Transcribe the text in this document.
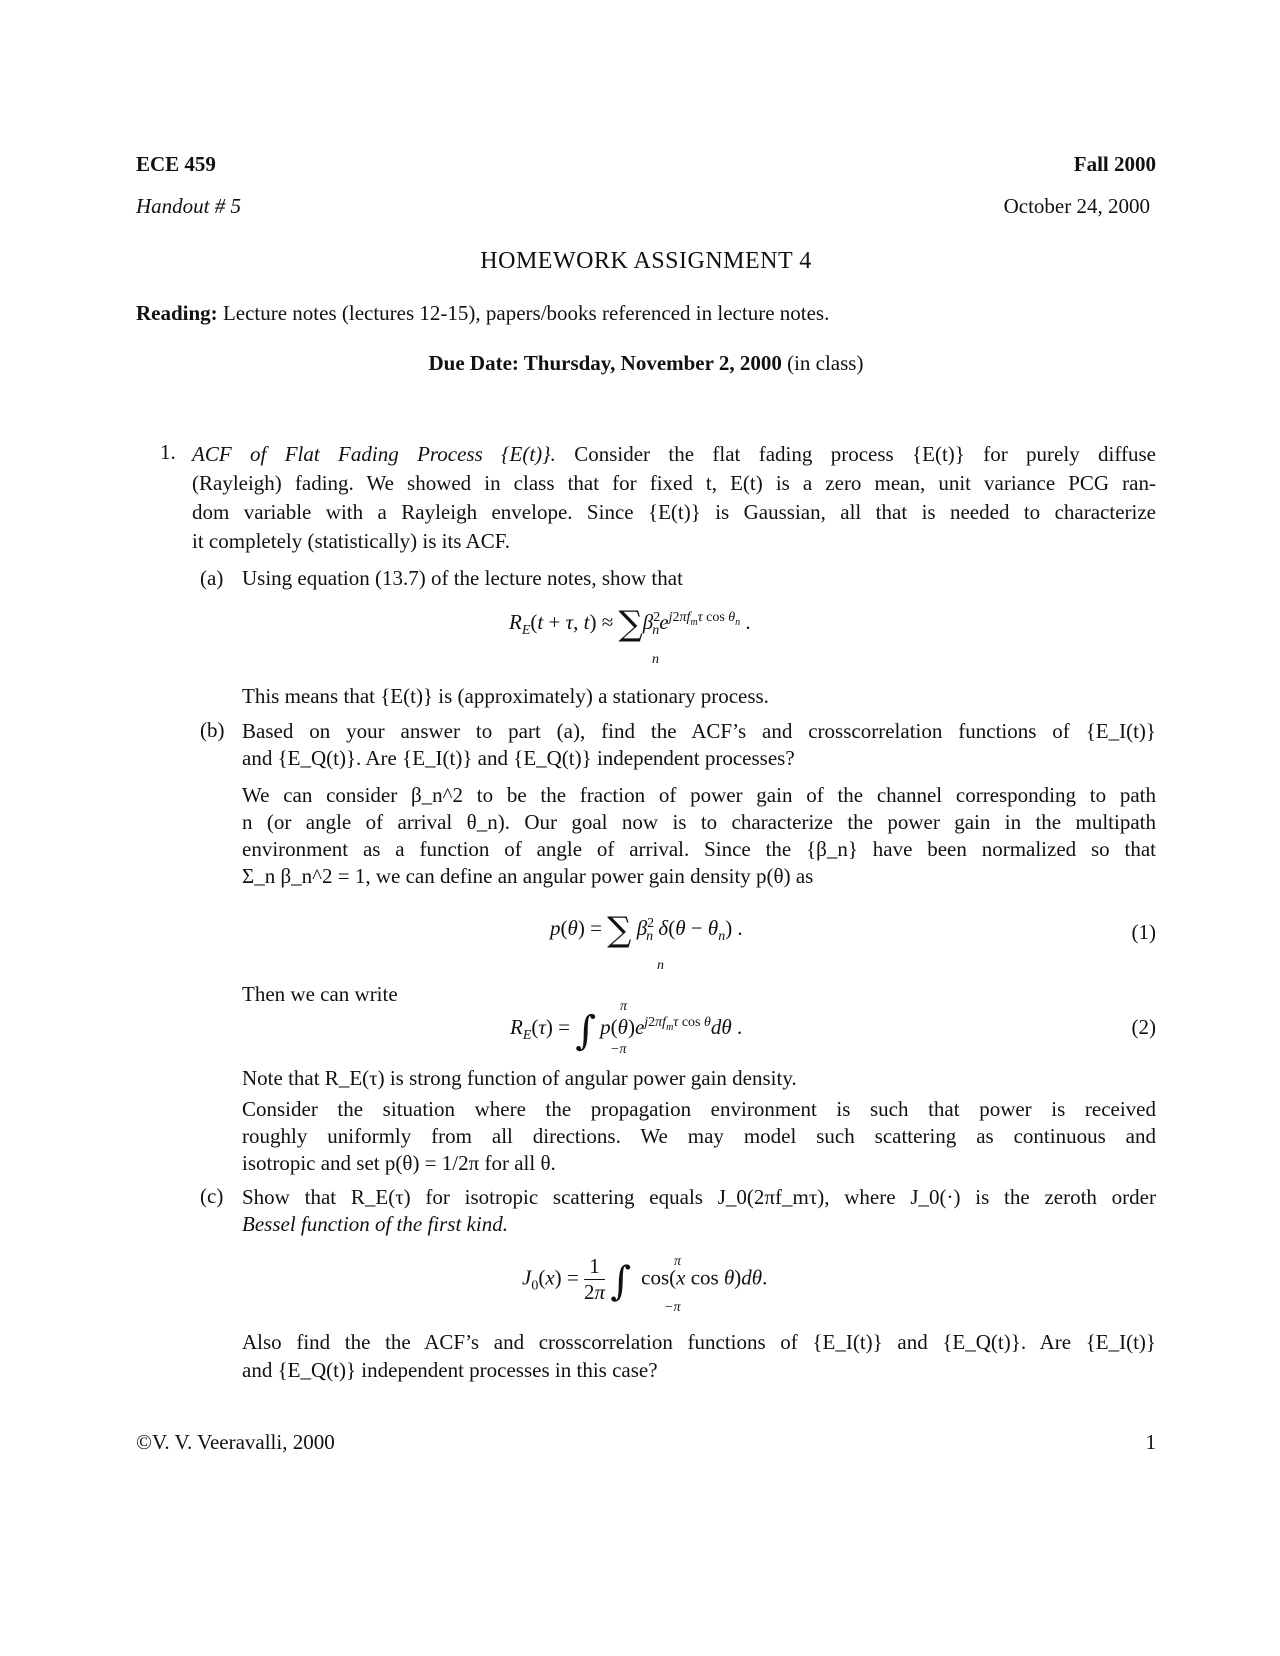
ECE 459	Fall 2000
Handout # 5	October 24, 2000
HOMEWORK ASSIGNMENT 4
Reading: Lecture notes (lectures 12-15), papers/books referenced in lecture notes.
Due Date: Thursday, November 2, 2000 (in class)
1. ACF of Flat Fading Process {E(t)}. Consider the flat fading process {E(t)} for purely diffuse
(Rayleigh) fading. We showed in class that for fixed t, E(t) is a zero mean, unit variance PCG ran-
dom variable with a Rayleigh envelope. Since {E(t)} is Gaussian, all that is needed to characterize
it completely (statistically) is its ACF.
(a) Using equation (13.7) of the lecture notes, show that
$R_E(t + \tau$, $t) \approx \sum\beta^2_ne^{j2\pi f_m\tau cos \theta_n}$ .
n
This means that {E(t)} is (approximately) a stationary process.
(b) Based on your answer to part (a), find the ACF’s and crosscorrelation functions of {E_I(t)}
and {E_Q(t)}. Are {E_I(t)} and {E_Q(t)} independent processes?
We can consider β_n^2 to be the fraction of power gain of the channel corresponding to path
n (or angle of arrival θ_n). Our goal now is to characterize the power gain in the multipath
environment as a function of angle of arrival. Since the {β_n} have been normalized so that
Σ_n β_n^2 = 1, we can define an angular power gain density p(θ) as
p(θ) = ∑ $\beta^2_n$ $\delta(\theta - \theta_n)$ .
n
(1)
Then we can write
$R_E(\tau)$ = ∫ $p(\theta)e^{j2\pi f_m\tau cos \theta}d\theta$ .
π
−π
(2)
Note that R_E(τ) is strong function of angular power gain density.
Consider the situation where the propagation environment is such that power is received
roughly uniformly from all directions. We may model such scattering as continuous and
isotropic and set p(θ) = 1/2π for all θ.
(c) Show that R_E(τ) for isotropic scattering equals J_0(2πf_mτ), where J_0(·) is the zeroth order
Bessel function of the first kind.
$J_0(x) = \frac{1}{2\pi}$ ∫ cos(x cos θ)dθ.
π
−π
Also find the the ACF’s and crosscorrelation functions of {E_I(t)} and {E_Q(t)}. Are {E_I(t)}
and {E_Q(t)} independent processes in this case?
©V. V. Veeravalli, 2000	1
